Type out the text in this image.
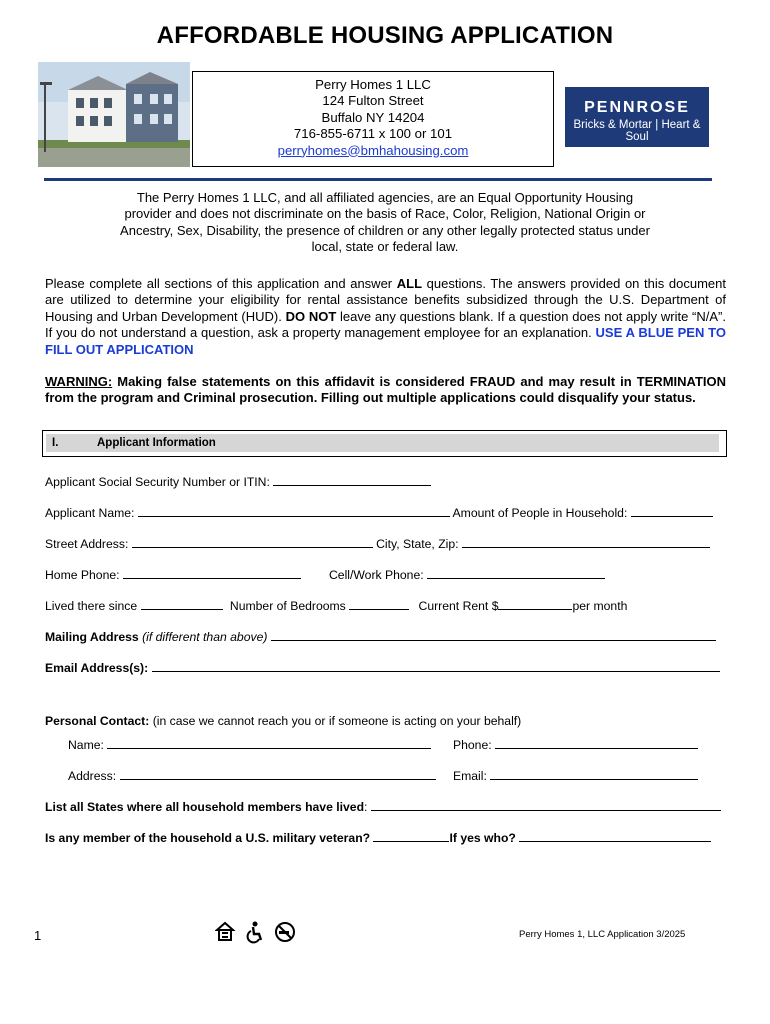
AFFORDABLE HOUSING APPLICATION
Perry Homes 1 LLC
124 Fulton Street
Buffalo NY 14204
716-855-6711 x 100 or 101
perryhomes@bmhahousing.com
PENNROSE
Bricks & Mortar | Heart & Soul
The Perry Homes 1 LLC, and all affiliated agencies, are an Equal Opportunity Housing provider and does not discriminate on the basis of Race, Color, Religion, National Origin or Ancestry, Sex, Disability, the presence of children or any other legally protected status under local, state or federal law.
Please complete all sections of this application and answer ALL questions. The answers provided on this document are utilized to determine your eligibility for rental assistance benefits subsidized through the U.S. Department of Housing and Urban Development (HUD). DO NOT leave any questions blank. If a question does not apply write “N/A”. If you do not understand a question, ask a property management employee for an explanation. USE A BLUE PEN TO FILL OUT APPLICATION
WARNING: Making false statements on this affidavit is considered FRAUD and may result in TERMINATION from the program and Criminal prosecution. Filling out multiple applications could disqualify your status.
I.	Applicant Information
Applicant Social Security Number or ITIN:
Applicant Name:	Amount of People in Household:
Street Address:	City, State, Zip:
Home Phone:	Cell/Work Phone:
Lived there since	Number of Bedrooms	Current Rent $	per month
Mailing Address (if different than above)
Email Address(s):
Personal Contact: (in case we cannot reach you or if someone is acting on your behalf)
Name:	Phone:
Address:	Email:
List all States where all household members have lived:
Is any member of the household a U.S. military veteran?	If yes who?
1	Perry Homes 1, LLC Application 3/2025
